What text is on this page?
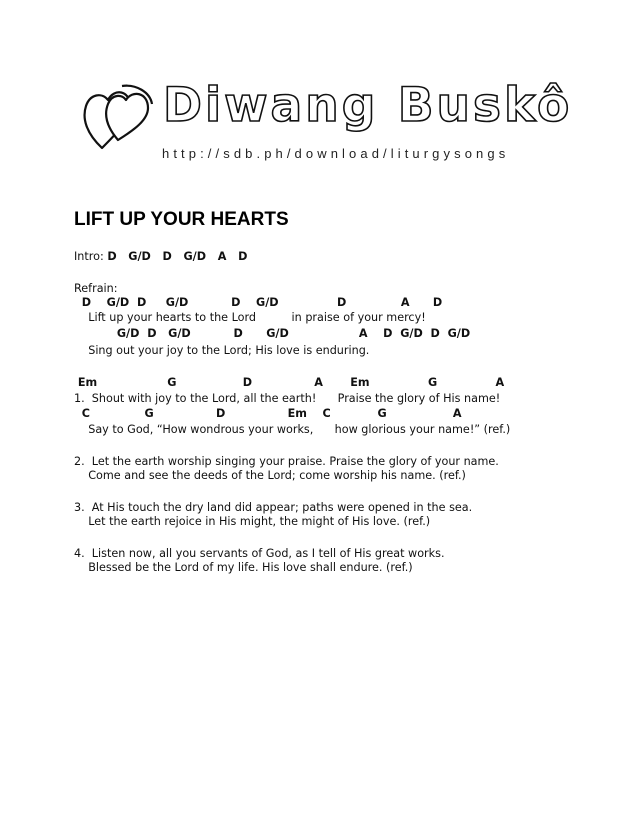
Diwang Buskô
http://sdb.ph/download/liturgysongs
LIFT UP YOUR HEARTS
Intro: D   G/D   D   G/D   A   D
Refrain:
D    G/D  D     G/D           D    G/D               D              A      D
Lift up your hearts to the Lord          in praise of your mercy!
G/D  D   G/D           D      G/D                  A    D  G/D  D  G/D
Sing out your joy to the Lord; His love is enduring.
Em                  G                 D                A       Em               G               A
1.  Shout with joy to the Lord, all the earth!      Praise the glory of His name!
C              G                D                Em    C            G                 A
Say to God, “How wondrous your works,      how glorious your name!” (ref.)
2.  Let the earth worship singing your praise. Praise the glory of your name.
Come and see the deeds of the Lord; come worship his name. (ref.)
3.  At His touch the dry land did appear; paths were opened in the sea.
Let the earth rejoice in His might, the might of His love. (ref.)
4.  Listen now, all you servants of God, as I tell of His great works.
Blessed be the Lord of my life. His love shall endure. (ref.)
